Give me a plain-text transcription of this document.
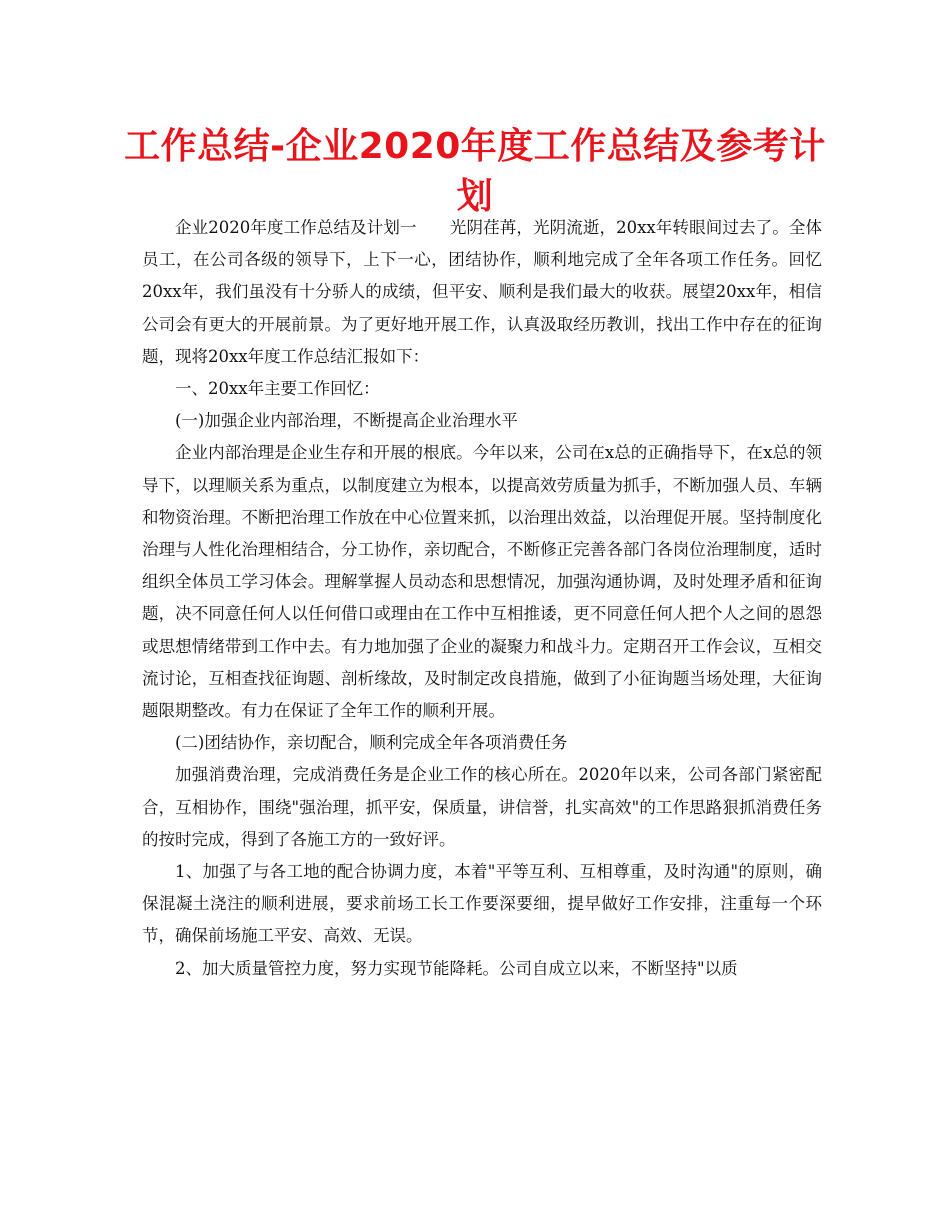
工作总结-企业2020年度工作总结及参考计划

企业2020年度工作总结及计划一　　光阴荏苒，光阴流逝，20xx年转眼间过去了。全体员工，在公司各级的领导下，上下一心，团结协作，顺利地完成了全年各项工作任务。回忆20xx年，我们虽没有十分骄人的成绩，但平安、顺利是我们最大的收获。展望20xx年，相信公司会有更大的开展前景。为了更好地开展工作，认真汲取经历教训，找出工作中存在的征询题，现将20xx年度工作总结汇报如下：

一、20xx年主要工作回忆：

(一)加强企业内部治理，不断提高企业治理水平

企业内部治理是企业生存和开展的根底。今年以来，公司在x总的正确指导下，在x总的领导下，以理顺关系为重点，以制度建立为根本，以提高效劳质量为抓手，不断加强人员、车辆和物资治理。不断把治理工作放在中心位置来抓，以治理出效益，以治理促开展。坚持制度化治理与人性化治理相结合，分工协作，亲切配合，不断修正完善各部门各岗位治理制度，适时组织全体员工学习体会。理解掌握人员动态和思想情况，加强沟通协调，及时处理矛盾和征询题，决不同意任何人以任何借口或理由在工作中互相推诿，更不同意任何人把个人之间的恩怨或思想情绪带到工作中去。有力地加强了企业的凝聚力和战斗力。定期召开工作会议，互相交流讨论，互相查找征询题、剖析缘故，及时制定改良措施，做到了小征询题当场处理，大征询题限期整改。有力在保证了全年工作的顺利开展。

(二)团结协作，亲切配合，顺利完成全年各项消费任务

加强消费治理，完成消费任务是企业工作的核心所在。2020年以来，公司各部门紧密配合，互相协作，围绕"强治理，抓平安，保质量，讲信誉，扎实高效"的工作思路狠抓消费任务的按时完成，得到了各施工方的一致好评。

1、加强了与各工地的配合协调力度，本着"平等互利、互相尊重，及时沟通"的原则，确保混凝土浇注的顺利进展，要求前场工长工作要深要细，提早做好工作安排，注重每一个环节，确保前场施工平安、高效、无误。

2、加大质量管控力度，努力实现节能降耗。公司自成立以来，不断坚持"以质
